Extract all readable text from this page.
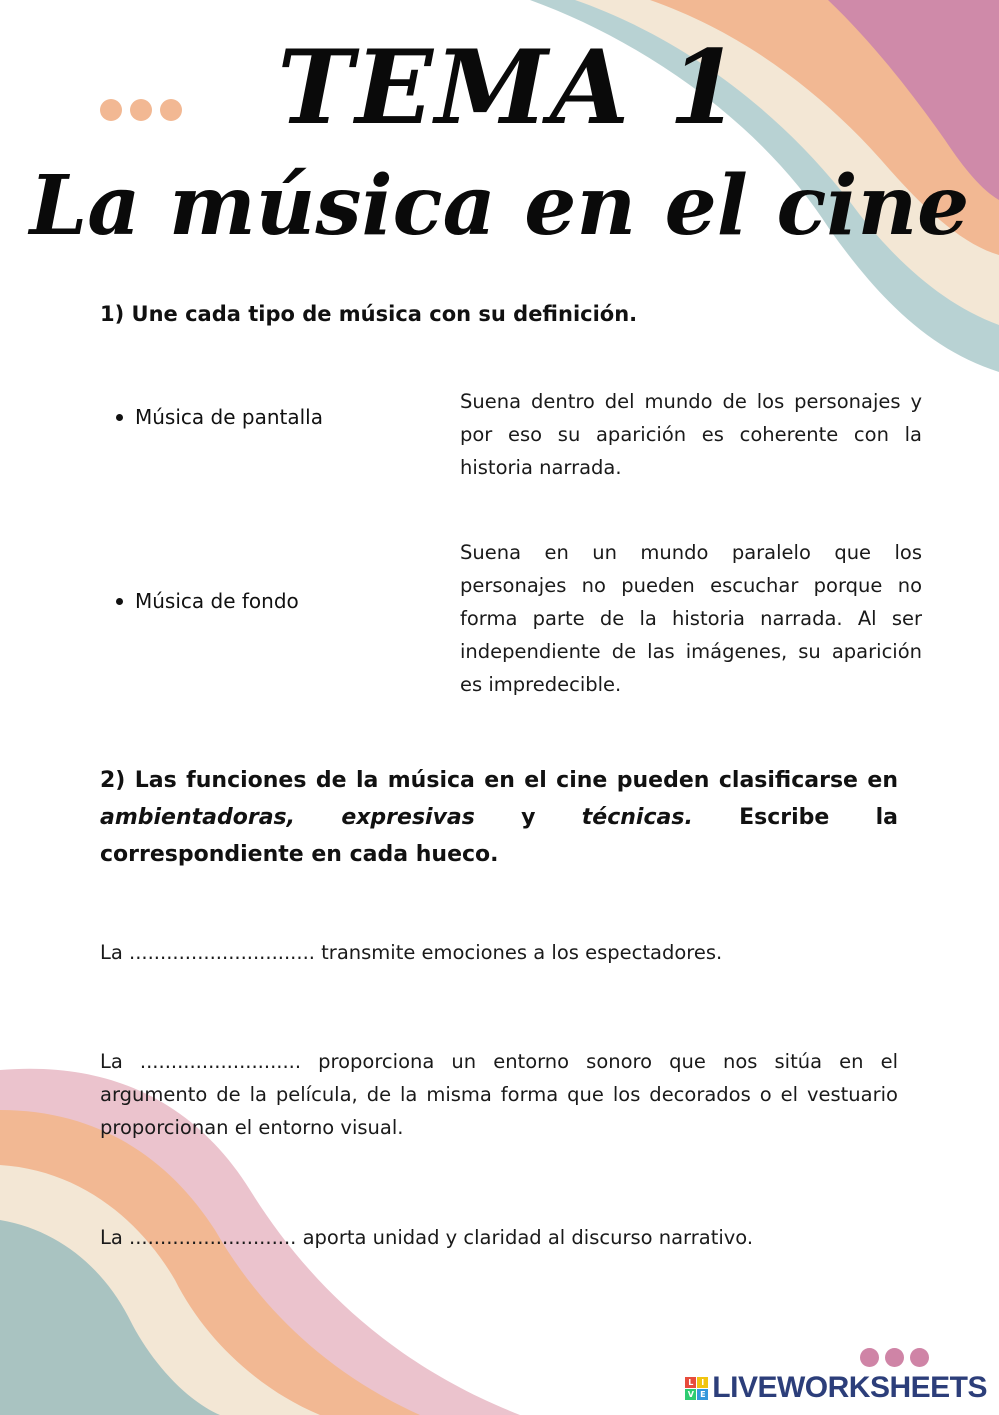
TEMA 1
La música en el cine
1) Une cada tipo de música con su definición.
Música de pantalla
Música de fondo
Suena dentro del mundo de los personajes y por eso su aparición es coherente con la historia narrada.
Suena en un mundo paralelo que los personajes no pueden escuchar porque no forma parte de la historia narrada. Al ser independiente de las imágenes, su aparición es impredecible.
2) Las funciones de la música en el cine pueden clasificarse en ambientadoras, expresivas y técnicas. Escribe la correspondiente en cada hueco.
La .............................. transmite emociones a los espectadores.
La .......................... proporciona un entorno sonoro que nos sitúa en el argumento de la película, de la misma forma que los decorados o el vestuario proporcionan el entorno visual.
La ........................... aporta unidad y claridad al discurso narrativo.
L I
V E LIVEWORKSHEETS
